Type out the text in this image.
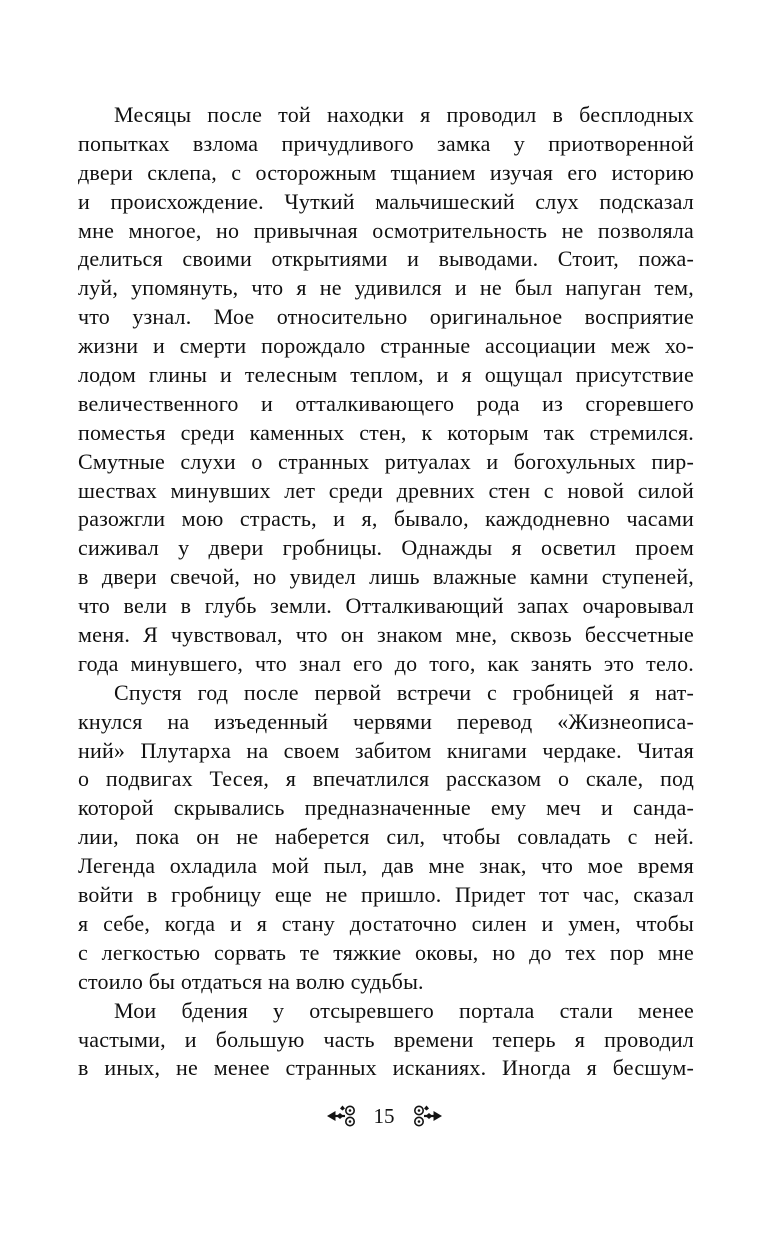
Месяцы после той находки я проводил в бесплодных
попытках взлома причудливого замка у приотворенной
двери склепа, с осторожным тщанием изучая его историю
и происхождение. Чуткий мальчишеский слух подсказал
мне многое, но привычная осмотрительность не позволяла
делиться своими открытиями и выводами. Стоит, пожа-
луй, упомянуть, что я не удивился и не был напуган тем,
что узнал. Мое относительно оригинальное восприятие
жизни и смерти порождало странные ассоциации меж хо-
лодом глины и телесным теплом, и я ощущал присутствие
величественного и отталкивающего рода из сгоревшего
поместья среди каменных стен, к которым так стремился.
Смутные слухи о странных ритуалах и богохульных пир-
шествах минувших лет среди древних стен с новой силой
разожгли мою страсть, и я, бывало, каждодневно часами
сиживал у двери гробницы. Однажды я осветил проем
в двери свечой, но увидел лишь влажные камни ступеней,
что вели в глубь земли. Отталкивающий запах очаровывал
меня. Я чувствовал, что он знаком мне, сквозь бессчетные
года минувшего, что знал его до того, как занять это тело.
Спустя год после первой встречи с гробницей я нат-
кнулся на изъеденный червями перевод «Жизнеописа-
ний» Плутарха на своем забитом книгами чердаке. Читая
о подвигах Тесея, я впечатлился рассказом о скале, под
которой скрывались предназначенные ему меч и санда-
лии, пока он не наберется сил, чтобы совладать с ней.
Легенда охладила мой пыл, дав мне знак, что мое время
войти в гробницу еще не пришло. Придет тот час, сказал
я себе, когда и я стану достаточно силен и умен, чтобы
с легкостью сорвать те тяжкие оковы, но до тех пор мне
стоило бы отдаться на волю судьбы.
Мои бдения у отсыревшего портала стали менее
частыми, и большую часть времени теперь я проводил
в иных, не менее странных исканиях. Иногда я бесшум-
15
